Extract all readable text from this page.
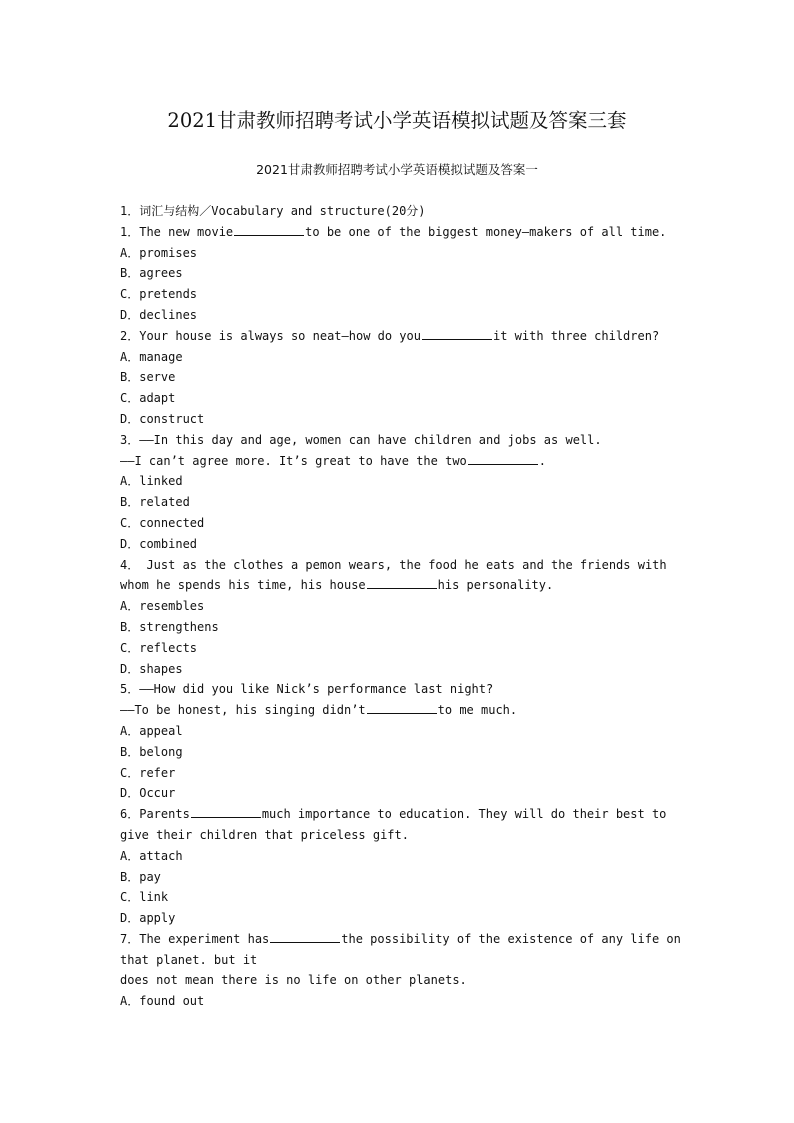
2021甘肃教师招聘考试小学英语模拟试题及答案三套
2021甘肃教师招聘考试小学英语模拟试题及答案一
1．词汇与结构／Vocabulary and structure(20分)
1．The new movie	to be one of the biggest money—makers of all time.
A．promises
B．agrees
C．pretends
D．declines
2．Your house is always so neat—how do you	it with three children?
A．manage
B．serve
C．adapt
D．construct
3．——In this day and age, women can have children and jobs as well.
——I can’t agree more. It’s great to have the two	.
A．linked
B．related
C．connected
D．combined
4． Just as the clothes a pemon wears, the food he eats and the friends with
whom he spends his time, his house	his personality.
A．resembles
B．strengthens
C．reflects
D．shapes
5．——How did you like Nick’s performance last night?
——To be honest, his singing didn’t	to me much.
A．appeal
B．belong
C．refer
D．Occur
6．Parents	much importance to education. They will do their best to
give their children that priceless gift.
A．attach
B．pay
C．link
D．apply
7．The experiment has	the possibility of the existence of any life on
that planet. but it
does not mean there is no life on other planets.
A．found out
